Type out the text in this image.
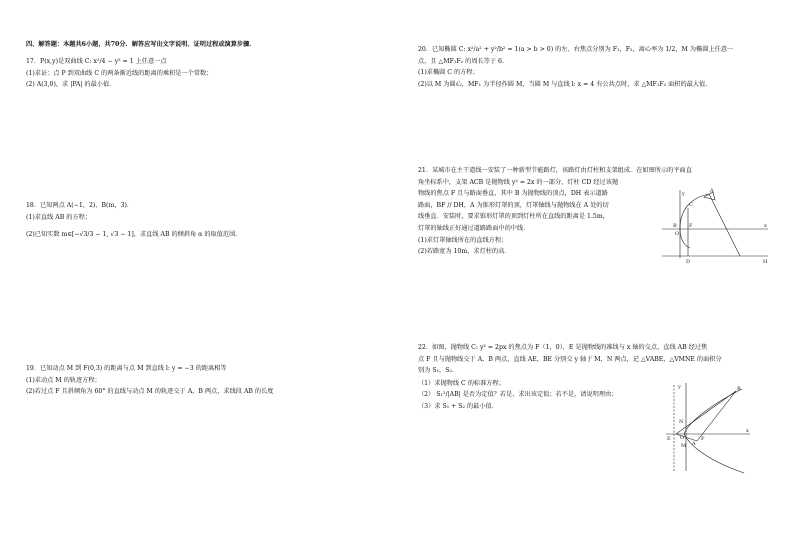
四、解答题：本题共6小题，共70分．解答应写出文字说明、证明过程或演算步骤．

17．P(x,y)是双曲线 C: x²/4 − y² = 1 上任意一点

(1)求证：点 P 到双曲线 C 的两条渐近线的距离的乘积是一个常数；

(2) A(3,0)，求 |PA| 的最小值.

18．已知两点 A(−1，2)、B(m，3)．

(1)求直线 AB 的方程；

(2)已知实数 m∈[−√3/3 − 1, √3 − 1]，求直线 AB 的倾斜角 α 的取值范围.

19．已知动点 M 到 F(0,3) 的距离与点 M 到直线 l: y = −3 的距离相等

(1)求动点 M 的轨迹方程；

(2)若过点 F 且斜倾角为 60° 的直线与动点 M 的轨迹交于 A，B 两点，求线段 AB 的长度

20．已知椭圆 C: x²/a² + y²/b² = 1(a > b > 0) 的左、右焦点分别为 F₁，F₂，离心率为 1/2，M 为椭圆上任意一

点，且 △MF₁F₂ 的周长等于 6.

(1)求椭圆 C 的方程；

(2)以 M 为圆心，MF₁ 为半径作圆 M，当圆 M 与直线 l: x = 4 有公共点时，求 △MF₁F₂ 面积的最大值.

21．某城市在主干道线一安装了一种新型节能路灯，该路灯由灯柱和支架组成．在如图所示的平面直

角坐标系中，支架 ACB 是抛物线 y² = 2x 的一部分，灯柱 CD 经过该抛

物线的焦点 F 且与路面垂直，其中 B 为抛物线的顶点，DH 表示道路

路面，BF // DH，A 为锥形灯罩的顶，灯罩轴线与抛物线在 A 处的切

线垂直．安装时，要求锥形灯罩的顶到灯柱所在直线的距离是 1.5m，

灯罩的轴线正好通过道路路面中的中线．

(1)求灯罩轴线所在的直线方程；

(2)若路宽为 10m，求灯柱的高．

22．如图，抛物线 C: y² = 2px 的焦点为 F（1，0），E 是抛物线的准线与 x 轴的交点，直线 AB 经过焦

点 F 且与抛物线交于 A，B 两点，直线 AE，BE 分别交 y 轴于 M，N 两点，记 △VABE，△VMNE 的面积分

别为 S₁，S₂．

（1）求抛物线 C 的标准方程；

（2） S₁²/|AB| 是否为定值？若是，求出该定值；若不是，请说明理由；

（3）求 S₁ + S₂ 的最小值．

y	A
C
B
O
F	x
D	H
y	B
N
E O	F
x
M A
